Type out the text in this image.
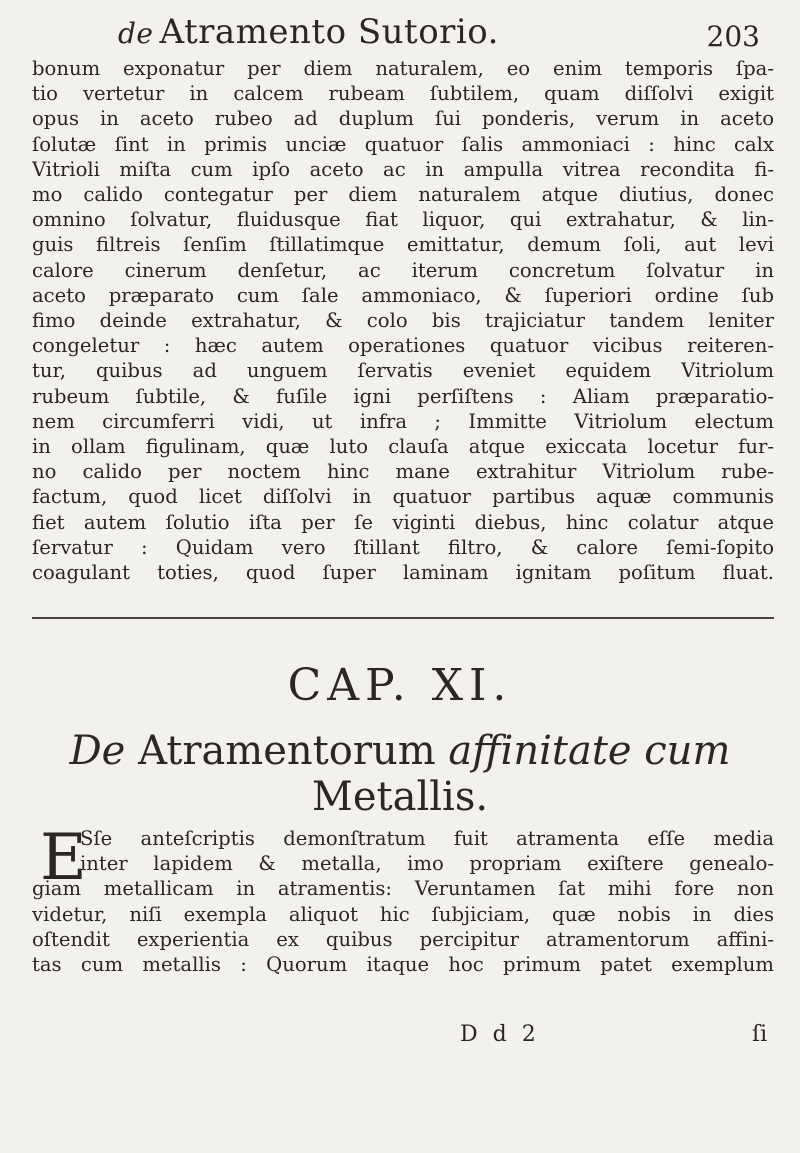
de Atramento Sutorio.	203

bonum exponatur per diem naturalem, eo enim temporis ſpa-
tio vertetur in calcem rubeam ſubtilem, quam diſſolvi exigit
opus in aceto rubeo ad duplum ſui ponderis, verum in aceto
ſolutæ ſint in primis unciæ quatuor ſalis ammoniaci : hinc calx
Vitrioli miſta cum ipſo aceto ac in ampulla vitrea recondita fi-
mo calido contegatur per diem naturalem atque diutius, donec
omnino ſolvatur, fluidusque fiat liquor, qui extrahatur, & lin-
guis filtreis ſenſim ſtillatimque emittatur, demum ſoli, aut levi
calore cinerum denſetur, ac iterum concretum ſolvatur in
aceto præparato cum ſale ammoniaco, & ſuperiori ordine ſub
fimo deinde extrahatur, & colo bis trajiciatur tandem leniter
congeletur : hæc autem operationes quatuor vicibus reiteren-
tur, quibus ad unguem ſervatis eveniet equidem Vitriolum
rubeum ſubtile, & fuſile igni perſiſtens : Aliam præparatio-
nem circumferri vidi, ut infra ; Immitte Vitriolum electum
in ollam figulinam, quæ luto clauſa atque exiccata locetur fur-
no calido per noctem hinc mane extrahitur Vitriolum rube-
factum, quod licet diſſolvi in quatuor partibus aquæ communis
fiet autem ſolutio iſta per ſe viginti diebus, hinc colatur atque
ſervatur : Quidam vero ſtillant filtro, & calore ſemi-ſopito
coagulant toties, quod ſuper laminam ignitam poſitum fluat.

CAP. XI.
De Atramentorum affinitate cum
Metallis.
E

Sſe anteſcriptis demonſtratum fuit atramenta eſſe media
inter lapidem & metalla, imo propriam exiſtere genealo-
giam metallicam in atramentis: Veruntamen ſat mihi fore non
videtur, niſi exempla aliquot hic ſubjiciam, quæ nobis in dies
oſtendit experientia ex quibus percipitur atramentorum affini-
tas cum metallis : Quorum itaque hoc primum patet exemplum

D d 2	ſi
